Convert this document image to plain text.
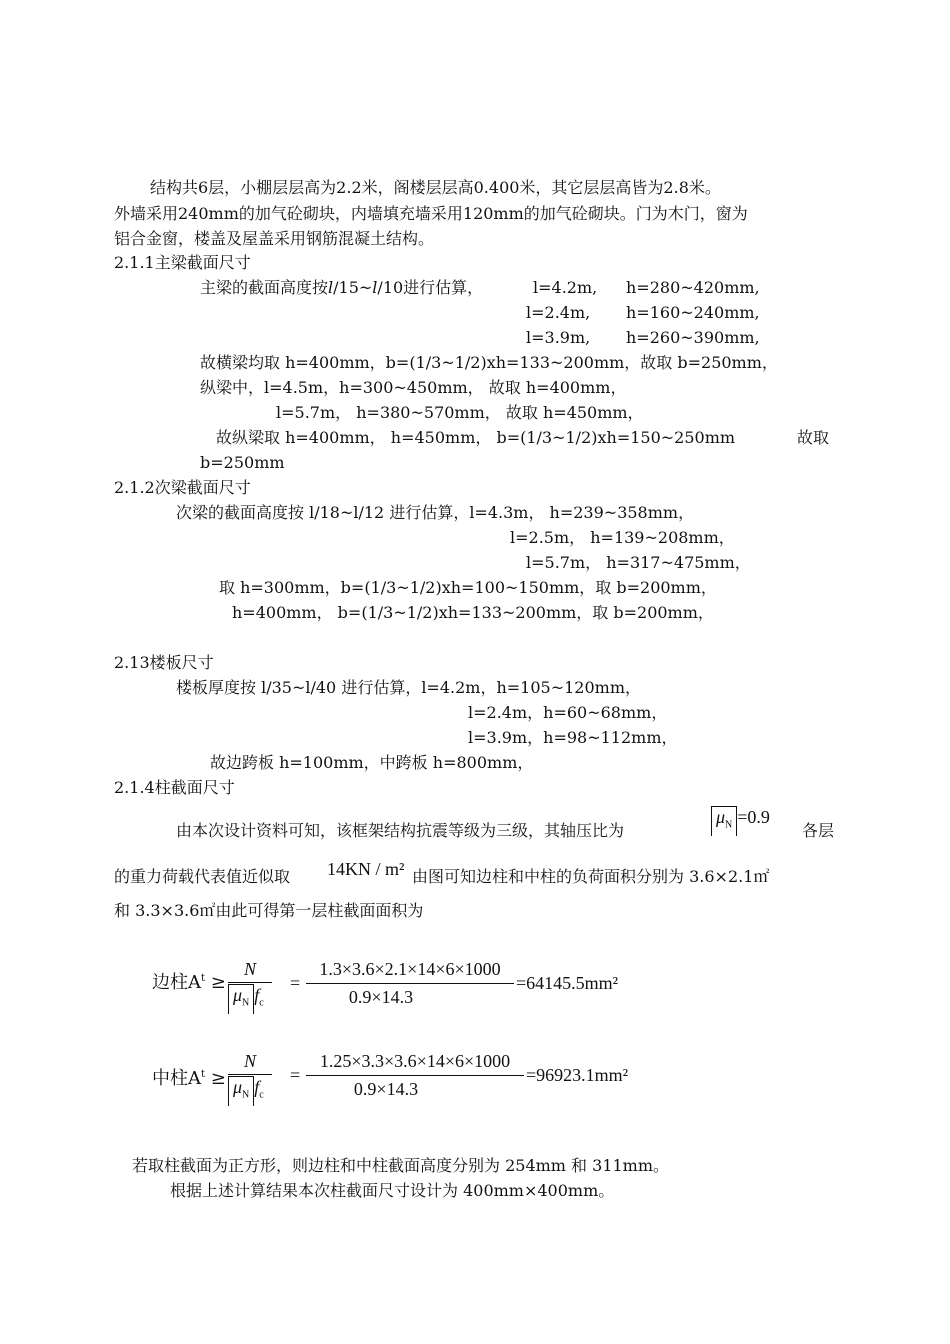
结构共6层，小棚层层高为2.2米，阁楼层层高0.400米，其它层层高皆为2.8米。
外墙采用240mm的加气砼砌块，内墙填充墙采用120mm的加气砼砌块。门为木门，窗为
铝合金窗，楼盖及屋盖采用钢筋混凝土结构。
2.1.1主梁截面尺寸
主梁的截面高度按l/15~l/10进行估算，	l=4.2m, h=280~420mm,
l=2.4m, h=160~240mm,
l=3.9m, h=260~390mm,
故横梁均取 h=400mm，b=(1/3~1/2)xh=133~200mm，故取 b=250mm，
纵梁中，l=4.5m，h=300~450mm， 故取 h=400mm，
l=5.7m， h=380~570mm， 故取 h=450mm，
故纵梁取 h=400mm， h=450mm， b=(1/3~1/2)xh=150~250mm	故取
b=250mm
2.1.2次梁截面尺寸
次梁的截面高度按 l/18~l/12 进行估算，l=4.3m， h=239~358mm，
l=2.5m， h=139~208mm，
l=5.7m， h=317~475mm，
取 h=300mm，b=(1/3~1/2)xh=100~150mm，取 b=200mm，
h=400mm， b=(1/3~1/2)xh=133~200mm，取 b=200mm，
2.13楼板尺寸
楼板厚度按 l/35~l/40 进行估算，l=4.2m，h=105~120mm，
l=2.4m，h=60~68mm，
l=3.9m，h=98~112mm，
故边跨板 h=100mm，中跨板 h=800mm，
2.1.4柱截面尺寸
由本次设计资料可知，该框架结构抗震等级为三级，其轴压比为
$\mu_N =0.9$
各层
的重力荷载代表值近似取 14KN / m² 由图可知边柱和中柱的负荷面积分别为 3.6×2.1㎡
和 3.3×3.6㎡由此可得第一层柱截面面积为
边柱$A^t$ ≥
N
$\mu_N$ $f_c$
=
1.3×3.6×2.1×14×6×1000
0.9×14.3
=64145.5mm²
中柱$A^t$ ≥
N
$\mu_N$ $f_c$
=
1.25×3.3×3.6×14×6×1000
0.9×14.3
=96923.1mm²
若取柱截面为正方形，则边柱和中柱截面高度分别为 254mm 和 311mm。
根据上述计算结果本次柱截面尺寸设计为 400mm×400mm。
